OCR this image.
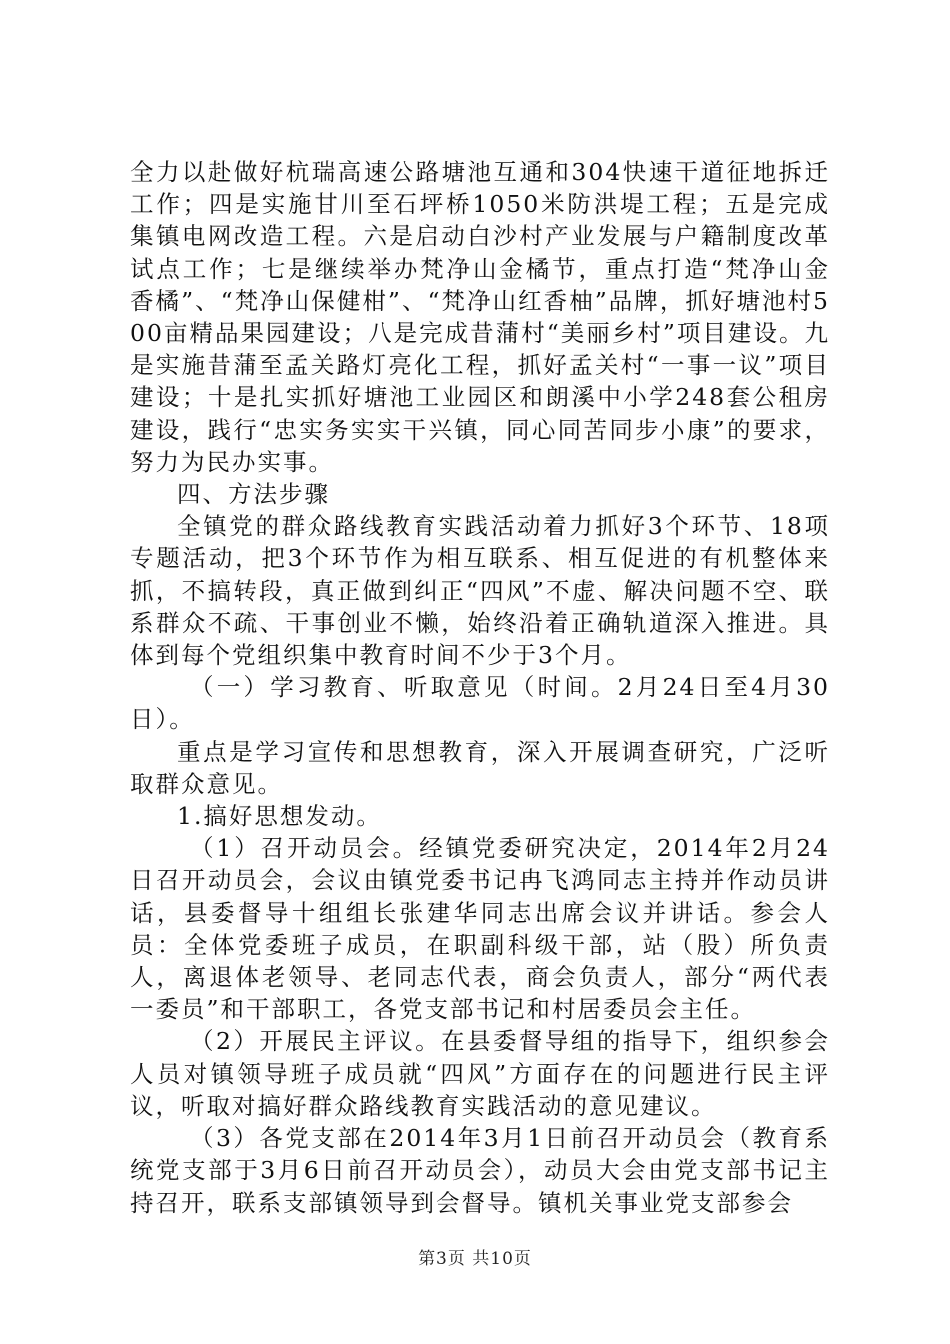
全力以赴做好杭瑞高速公路塘池互通和304快速干道征地拆迁工作；四是实施甘川至石坪桥1050米防洪堤工程；五是完成集镇电网改造工程。六是启动白沙村产业发展与户籍制度改革试点工作；七是继续举办梵净山金橘节，重点打造“梵净山金香橘”、“梵净山保健柑”、“梵净山红香柚”品牌，抓好塘池村500亩精品果园建设；八是完成昔蒲村“美丽乡村”项目建设。九是实施昔蒲至孟关路灯亮化工程，抓好孟关村“一事一议”项目建设；十是扎实抓好塘池工业园区和朗溪中小学248套公租房建设，践行“忠实务实实干兴镇，同心同苦同步小康”的要求，努力为民办实事。

四、方法步骤

全镇党的群众路线教育实践活动着力抓好3个环节、18项专题活动，把3个环节作为相互联系、相互促进的有机整体来抓，不搞转段，真正做到纠正“四风”不虚、解决问题不空、联系群众不疏、干事创业不懒，始终沿着正确轨道深入推进。具体到每个党组织集中教育时间不少于3个月。

（一）学习教育、听取意见（时间。2月24日至4月30日）。

重点是学习宣传和思想教育，深入开展调查研究，广泛听取群众意见。

1.搞好思想发动。

（1）召开动员会。经镇党委研究决定，2014年2月24日召开动员会，会议由镇党委书记冉飞鸿同志主持并作动员讲话，县委督导十组组长张建华同志出席会议并讲话。参会人员：全体党委班子成员，在职副科级干部，站（股）所负责人，离退体老领导、老同志代表，商会负责人，部分“两代表一委员”和干部职工，各党支部书记和村居委员会主任。

（2）开展民主评议。在县委督导组的指导下，组织参会人员对镇领导班子成员就“四风”方面存在的问题进行民主评议，听取对搞好群众路线教育实践活动的意见建议。

（3）各党支部在2014年3月1日前召开动员会（教育系统党支部于3月6日前召开动员会），动员大会由党支部书记主持召开，联系支部镇领导到会督导。镇机关事业党支部参会

第3页 共10页
